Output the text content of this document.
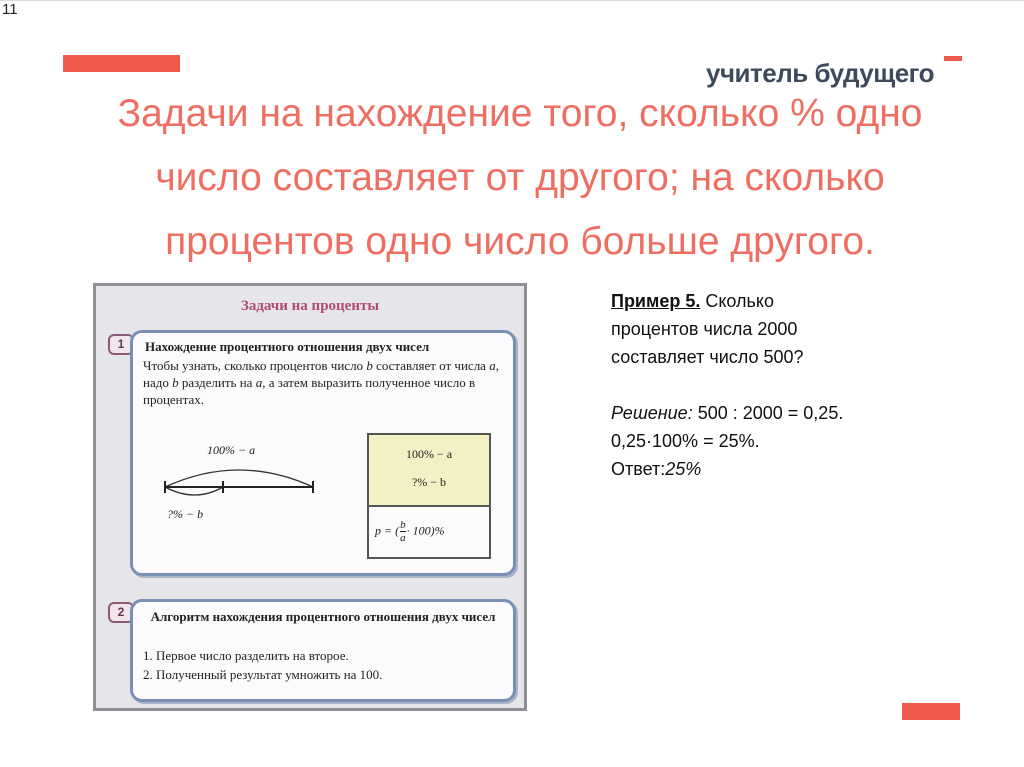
11
учитель будущего
Задачи на нахождение того, сколько % одно
число составляет от другого; на сколько
процентов одно число больше другого.
Задачи на проценты
1	Нахождение процентного отношения двух чисел
Чтобы узнать, сколько процентов число b составляет от числа a, надо b разделить на a, а затем выразить полученное число в процентах.
100% − a
?% − b
100% − a
?% − b
p = ( $\frac{b}{a} \cdot 100)\%$
2	Алгоритм нахождения процентного отношения двух чисел
1. Первое число разделить на второе.
2. Полученный результат умножить на 100.
Пример 5. Сколько
процентов числа 2000
составляет число 500?
Решение: 500 : 2000 = 0,25.
0,25·100% = 25%.
Ответ:25%
